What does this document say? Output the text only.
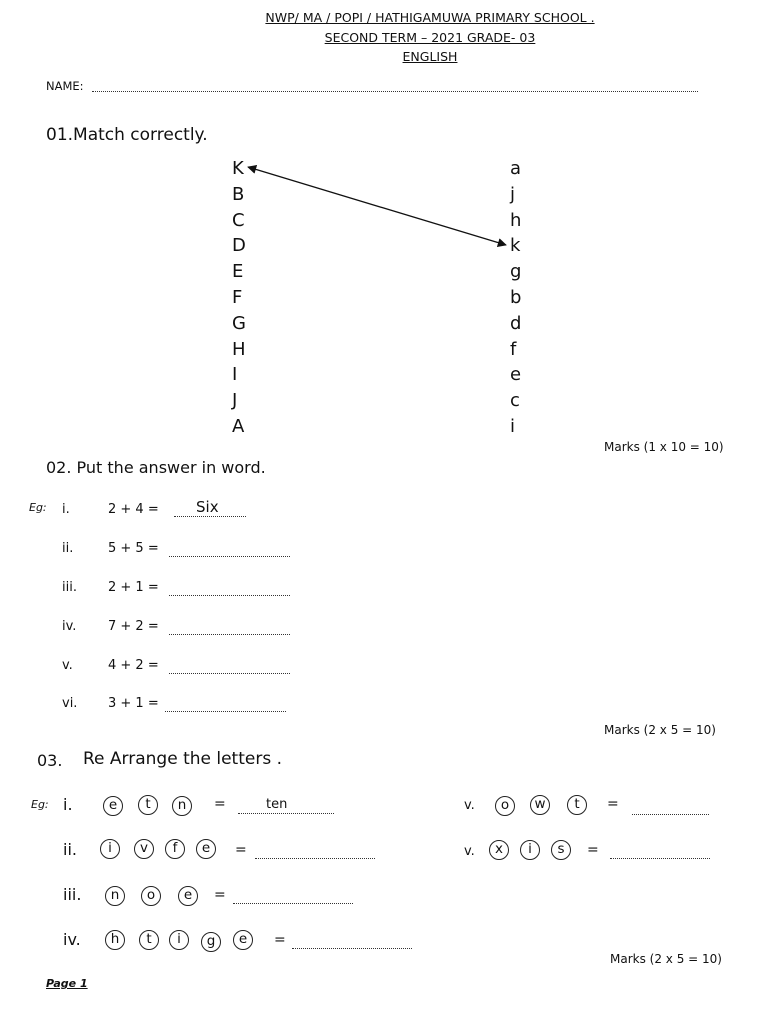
NWP/ MA / POPI / HATHIGAMUWA PRIMARY SCHOOL .
SECOND TERM – 2021 GRADE- 03
ENGLISH
NAME:
01.Match correctly.
K
B
C
D
E
F
G
H
I
J
A
a
j
h
k
g
b
d
f
e
c
i
Marks (1 x 10 = 10)
02. Put the answer in word.
Eg: i.	2 + 4 = Six
ii.	5 + 5 =
iii. 2 + 1 =
iv. 7 + 2 =
v.	4 + 2 =
vi. 3 + 1 =
Marks (2 x 5 = 10)
03. Re Arrange the letters .
Eg: i.	e	t	n	=	ten
ii.	i	v	f	e	=
iii.	n	o	e	=
iv.	h	t	i	g	e	=
v.	o	w	t	=
v.	x	i	s	=
Marks (2 x 5 = 10)
Page 1
